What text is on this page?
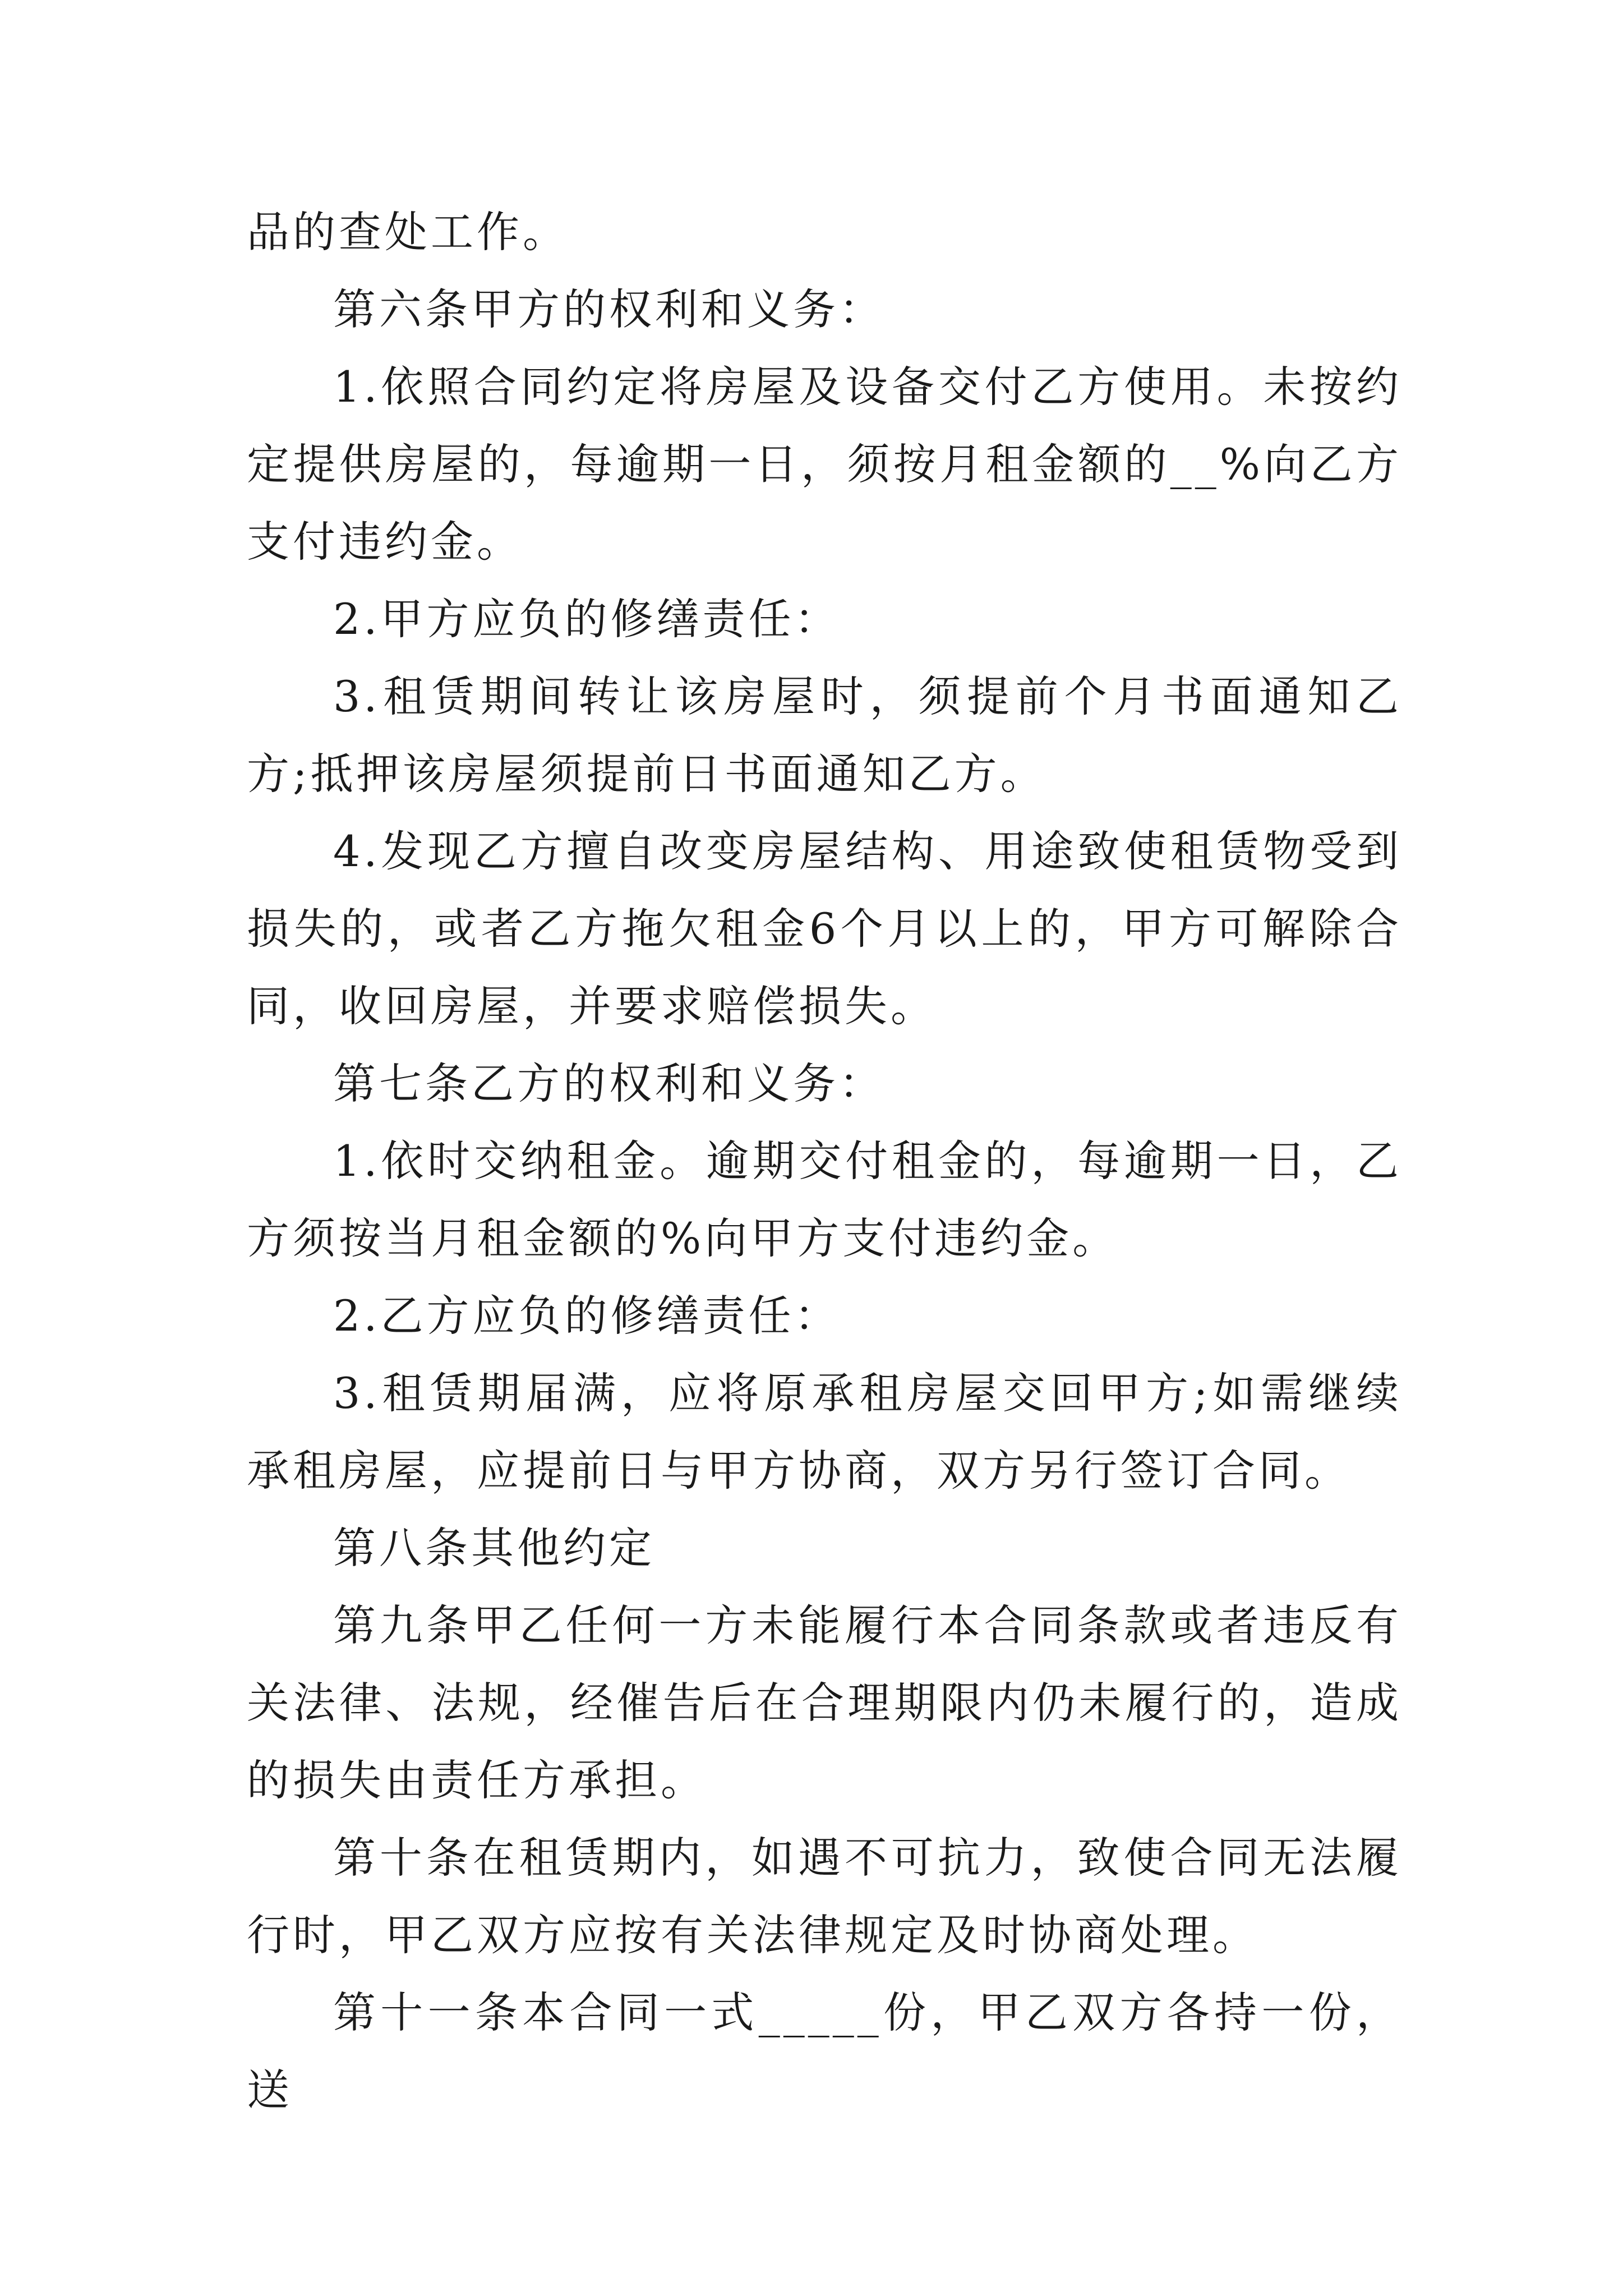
品的查处工作。

第六条甲方的权利和义务：

1.依照合同约定将房屋及设备交付乙方使用。未按约定提供房屋的，每逾期一日，须按月租金额的__%向乙方支付违约金。

2.甲方应负的修缮责任：

3.租赁期间转让该房屋时，须提前个月书面通知乙方;抵押该房屋须提前日书面通知乙方。

4.发现乙方擅自改变房屋结构、用途致使租赁物受到损失的，或者乙方拖欠租金6个月以上的，甲方可解除合同，收回房屋，并要求赔偿损失。

第七条乙方的权利和义务：

1.依时交纳租金。逾期交付租金的，每逾期一日，乙方须按当月租金额的%向甲方支付违约金。

2.乙方应负的修缮责任：

3.租赁期届满，应将原承租房屋交回甲方;如需继续承租房屋，应提前日与甲方协商，双方另行签订合同。

第八条其他约定

第九条甲乙任何一方未能履行本合同条款或者违反有关法律、法规，经催告后在合理期限内仍未履行的，造成的损失由责任方承担。

第十条在租赁期内，如遇不可抗力，致使合同无法履行时，甲乙双方应按有关法律规定及时协商处理。

第十一条本合同一式_____份，甲乙双方各持一份，送
